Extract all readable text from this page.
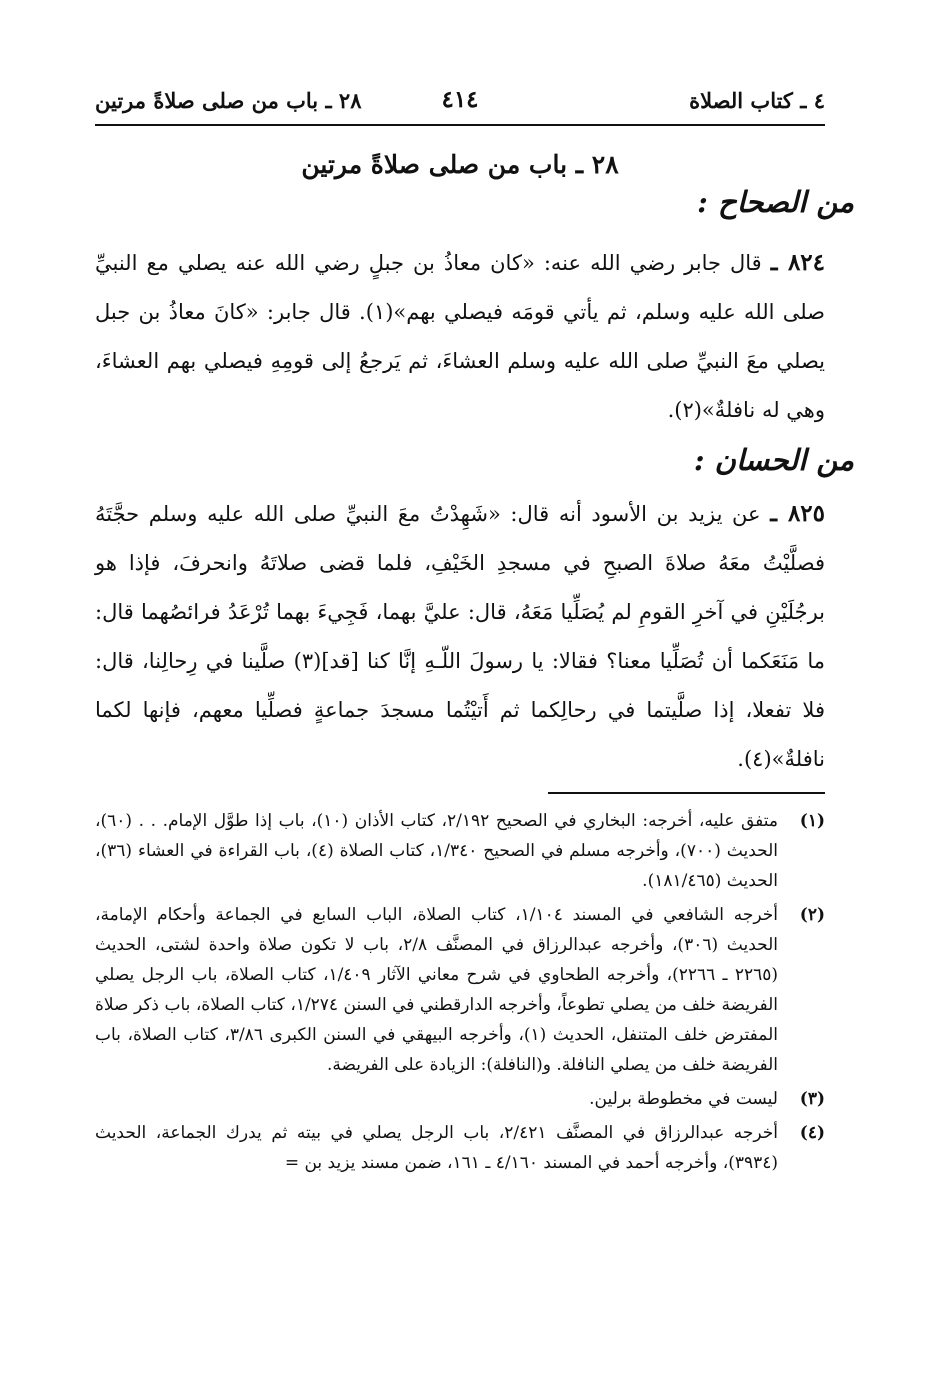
٤ ـ كتاب الصلاة
٤١٤
٢٨ ـ باب من صلى صلاةً مرتين
٢٨ ـ باب من صلى صلاةً مرتين
من الصحاح :

٨٢٤ ـ قال جابر رضي الله عنه: «كان معاذُ بن جبلٍ رضي الله عنه يصلي مع النبيِّ صلى الله عليه وسلم، ثم يأتي قومَه فيصلي بهم»(١). قال جابر: «كانَ معاذُ بن جبل يصلي معَ النبيِّ صلى الله عليه وسلم العشاءَ، ثم يَرجعُ إلى قومِهِ فيصلي بهم العشاءَ، وهي له نافلةٌ»(٢).

من الحسان :

٨٢٥ ـ عن يزيد بن الأسود أنه قال: «شَهِدْتُ معَ النبيِّ صلى الله عليه وسلم حجَّتَهُ فصلَّيْتُ معَهُ صلاةَ الصبحِ في مسجدِ الخَيْفِ، فلما قضى صلاتَهُ وانحرفَ، فإذا هو برجُلَيْنِ في آخرِ القومِ لم يُصَلِّيا مَعَهُ، قال: عليَّ بهما، فَجِيءَ بهما تُرْعَدُ فرائصُهما قال: ما مَنَعَكما أن تُصَلِّيا معنا؟ فقالا: يا رسولَ اللّـهِ إنَّا كنا [قد](٣) صلَّينا في رِحالِنا، قال: فلا تفعلا، إذا صلَّيتما في رحالِكما ثم أَتيْتُما مسجدَ جماعةٍ فصلِّيا معهم، فإنها لكما نافلةٌ»(٤).

(١)
متفق عليه، أخرجه: البخاري في الصحيح ٢/١٩٢، كتاب الأذان (١٠)، باب إذا طوَّل الإمام. . . (٦٠)، الحديث (٧٠٠)، وأخرجه مسلم في الصحيح ١/٣٤٠، كتاب الصلاة (٤)، باب القراءة في العشاء (٣٦)، الحديث (١٨١/٤٦٥).
(٢)
أخرجه الشافعي في المسند ١/١٠٤، كتاب الصلاة، الباب السابع في الجماعة وأحكام الإمامة، الحديث (٣٠٦)، وأخرجه عبدالرزاق في المصنَّف ٢/٨، باب لا تكون صلاة واحدة لشتى، الحديث (٢٢٦٥ ـ ٢٢٦٦)، وأخرجه الطحاوي في شرح معاني الآثار ١/٤٠٩، كتاب الصلاة، باب الرجل يصلي الفريضة خلف من يصلي تطوعاً، وأخرجه الدارقطني في السنن ١/٢٧٤، كتاب الصلاة، باب ذكر صلاة المفترض خلف المتنفل، الحديث (١)، وأخرجه البيهقي في السنن الكبرى ٣/٨٦، كتاب الصلاة، باب الفريضة خلف من يصلي النافلة. و(النافلة): الزيادة على الفريضة.
(٣)
ليست في مخطوطة برلين.
(٤)
أخرجه عبدالرزاق في المصنَّف ٢/٤٢١، باب الرجل يصلي في بيته ثم يدرك الجماعة، الحديث (٣٩٣٤)، وأخرجه أحمد في المسند ٤/١٦٠ ـ ١٦١، ضمن مسند يزيد بن =
